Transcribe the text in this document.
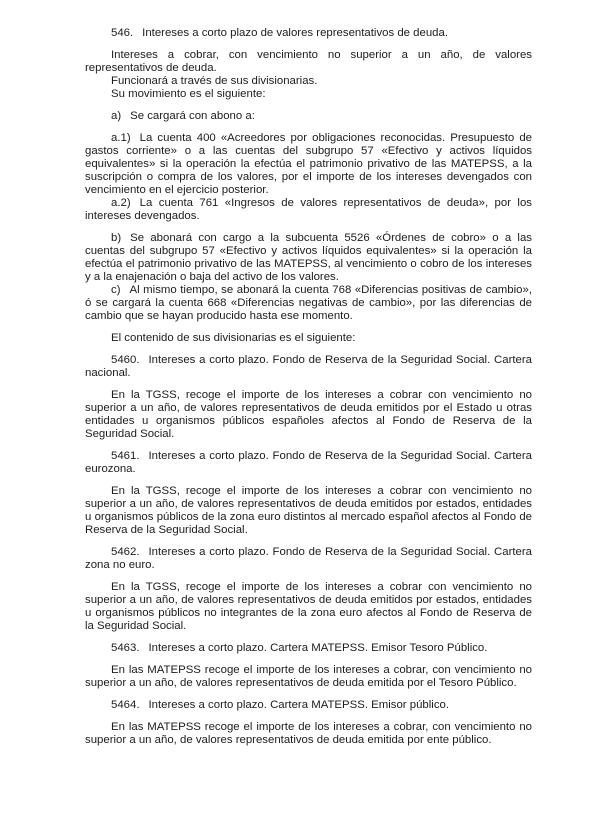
546. Intereses a corto plazo de valores representativos de deuda.

Intereses a cobrar, con vencimiento no superior a un año, de valores representativos de deuda.

Funcionará a través de sus divisionarias.

Su movimiento es el siguiente:

a) Se cargará con abono a:

a.1) La cuenta 400 «Acreedores por obligaciones reconocidas. Presupuesto de gastos corriente» o a las cuentas del subgrupo 57 «Efectivo y activos líquidos equivalentes» si la operación la efectúa el patrimonio privativo de las MATEPSS, a la suscripción o compra de los valores, por el importe de los intereses devengados con vencimiento en el ejercicio posterior.

a.2) La cuenta 761 «Ingresos de valores representativos de deuda», por los intereses devengados.

b) Se abonará con cargo a la subcuenta 5526 «Órdenes de cobro» o a las cuentas del subgrupo 57 «Efectivo y activos líquidos equivalentes» si la operación la efectúa el patrimonio privativo de las MATEPSS, al vencimiento o cobro de los intereses y a la enajenación o baja del activo de los valores.

c) Al mismo tiempo, se abonará la cuenta 768 «Diferencias positivas de cambio», ó se cargará la cuenta 668 «Diferencias negativas de cambio», por las diferencias de cambio que se hayan producido hasta ese momento.

El contenido de sus divisionarias es el siguiente:

5460. Intereses a corto plazo. Fondo de Reserva de la Seguridad Social. Cartera nacional.

En la TGSS, recoge el importe de los intereses a cobrar con vencimiento no superior a un año, de valores representativos de deuda emitidos por el Estado u otras entidades u organismos públicos españoles afectos al Fondo de Reserva de la Seguridad Social.

5461. Intereses a corto plazo. Fondo de Reserva de la Seguridad Social. Cartera eurozona.

En la TGSS, recoge el importe de los intereses a cobrar con vencimiento no superior a un año, de valores representativos de deuda emitidos por estados, entidades u organismos públicos de la zona euro distintos al mercado español afectos al Fondo de Reserva de la Seguridad Social.

5462. Intereses a corto plazo. Fondo de Reserva de la Seguridad Social. Cartera zona no euro.

En la TGSS, recoge el importe de los intereses a cobrar con vencimiento no superior a un año, de valores representativos de deuda emitidos por estados, entidades u organismos públicos no integrantes de la zona euro afectos al Fondo de Reserva de la Seguridad Social.

5463. Intereses a corto plazo. Cartera MATEPSS. Emisor Tesoro Público.

En las MATEPSS recoge el importe de los intereses a cobrar, con vencimiento no superior a un año, de valores representativos de deuda emitida por el Tesoro Público.

5464. Intereses a corto plazo. Cartera MATEPSS. Emisor público.

En las MATEPSS recoge el importe de los intereses a cobrar, con vencimiento no superior a un año, de valores representativos de deuda emitida por ente público.
